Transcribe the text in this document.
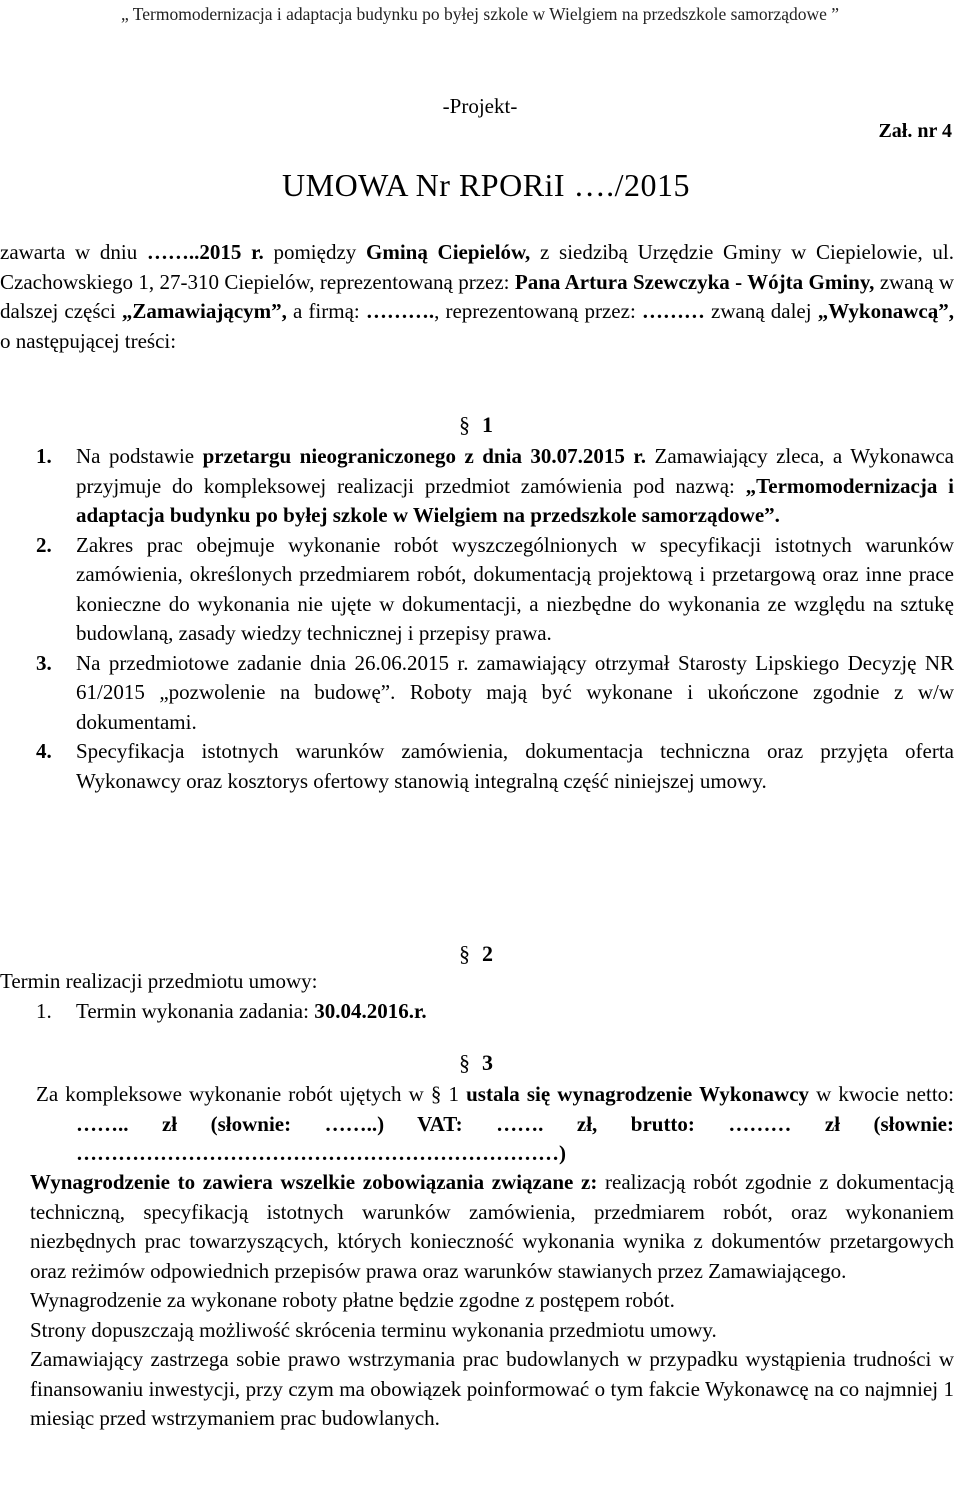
„ Termomodernizacja i adaptacja budynku po byłej szkole w Wielgiem na przedszkole samorządowe ”
-Projekt-
Zał. nr 4
UMOWA Nr RPORiI …./2015
zawarta w dniu ……..2015 r. pomiędzy Gminą Ciepielów, z siedzibą Urzędzie Gminy w Ciepielowie, ul. Czachowskiego 1, 27-310 Ciepielów, reprezentowaną przez: Pana Artura Szewczyka - Wójta Gminy, zwaną w dalszej części „Zamawiającym”, a firmą: ………., reprezentowaną przez: ……… zwaną dalej „Wykonawcą”, o następującej treści:
§ 1
1. Na podstawie przetargu nieograniczonego z dnia 30.07.2015 r. Zamawiający zleca, a Wykonawca przyjmuje do kompleksowej realizacji przedmiot zamówienia pod nazwą: „Termomodernizacja i adaptacja budynku po byłej szkole w Wielgiem na przedszkole samorządowe”.
2. Zakres prac obejmuje wykonanie robót wyszczególnionych w specyfikacji istotnych warunków zamówienia, określonych przedmiarem robót, dokumentacją projektową i przetargową oraz inne prace konieczne do wykonania nie ujęte w dokumentacji, a niezbędne do wykonania ze względu na sztukę budowlaną, zasady wiedzy technicznej i przepisy prawa.
3. Na przedmiotowe zadanie dnia 26.06.2015 r. zamawiający otrzymał Starosty Lipskiego Decyzję NR 61/2015 „pozwolenie na budowę”. Roboty mają być wykonane i ukończone zgodnie z w/w dokumentami.
4. Specyfikacja istotnych warunków zamówienia, dokumentacja techniczna oraz przyjęta oferta Wykonawcy oraz kosztorys ofertowy stanowią integralną część niniejszej umowy.
§ 2
Termin realizacji przedmiotu umowy:
1. Termin wykonania zadania: 30.04.2016.r.
§ 3
Za kompleksowe wykonanie robót ujętych w § 1 ustala się wynagrodzenie Wykonawcy w kwocie netto: …….. zł (słownie: ……..) VAT: ……. zł, brutto: ……… zł (słownie: ……………………………………………………………)
Wynagrodzenie to zawiera wszelkie zobowiązania związane z: realizacją robót zgodnie z dokumentacją techniczną, specyfikacją istotnych warunków zamówienia, przedmiarem robót, oraz wykonaniem niezbędnych prac towarzyszących, których konieczność wykonania wynika z dokumentów przetargowych oraz reżimów odpowiednich przepisów prawa oraz warunków stawianych przez Zamawiającego.
Wynagrodzenie za wykonane roboty płatne będzie zgodne z postępem robót.
Strony dopuszczają możliwość skrócenia terminu wykonania przedmiotu umowy.
Zamawiający zastrzega sobie prawo wstrzymania prac budowlanych w przypadku wystąpienia trudności w finansowaniu inwestycji, przy czym ma obowiązek poinformować o tym fakcie Wykonawcę na co najmniej 1 miesiąc przed wstrzymaniem prac budowlanych.
